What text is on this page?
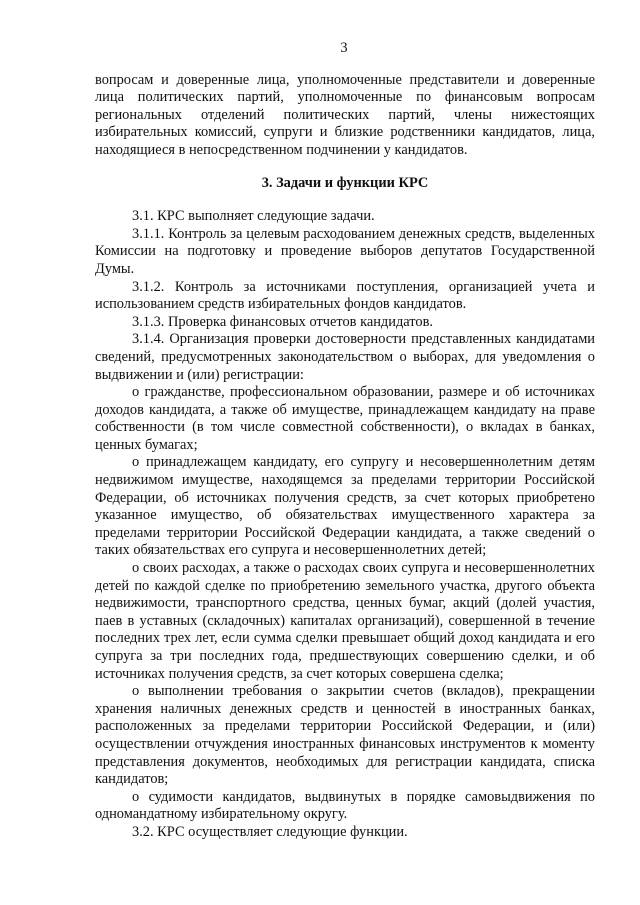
3

вопросам и доверенные лица, уполномоченные представители и доверенные лица политических партий, уполномоченные по финансовым вопросам региональных отделений политических партий, члены нижестоящих избирательных комиссий, супруги и близкие родственники кандидатов, лица, находящиеся в непосредственном подчинении у кандидатов.

3. Задачи и функции КРС

3.1. КРС выполняет следующие задачи.

3.1.1. Контроль за целевым расходованием денежных средств, выделенных Комиссии на подготовку и проведение выборов депутатов Государственной Думы.

3.1.2. Контроль за источниками поступления, организацией учета и использованием средств избирательных фондов кандидатов.

3.1.3. Проверка финансовых отчетов кандидатов.

3.1.4. Организация проверки достоверности представленных кандидатами сведений, предусмотренных законодательством о выборах, для уведомления о выдвижении и (или) регистрации:

о гражданстве, профессиональном образовании, размере и об источниках доходов кандидата, а также об имуществе, принадлежащем кандидату на праве собственности (в том числе совместной собственности), о вкладах в банках, ценных бумагах;

о принадлежащем кандидату, его супругу и несовершеннолетним детям недвижимом имуществе, находящемся за пределами территории Российской Федерации, об источниках получения средств, за счет которых приобретено указанное имущество, об обязательствах имущественного характера за пределами территории Российской Федерации кандидата, а также сведений о таких обязательствах его супруга и несовершеннолетних детей;

о своих расходах, а также о расходах своих супруга и несовершеннолетних детей по каждой сделке по приобретению земельного участка, другого объекта недвижимости, транспортного средства, ценных бумаг, акций (долей участия, паев в уставных (складочных) капиталах организаций), совершенной в течение последних трех лет, если сумма сделки превышает общий доход кандидата и его супруга за три последних года, предшествующих совершению сделки, и об источниках получения средств, за счет которых совершена сделка;

о выполнении требования о закрытии счетов (вкладов), прекращении хранения наличных денежных средств и ценностей в иностранных банках, расположенных за пределами территории Российской Федерации, и (или) осуществлении отчуждения иностранных финансовых инструментов к моменту представления документов, необходимых для регистрации кандидата, списка кандидатов;

о судимости кандидатов, выдвинутых в порядке самовыдвижения по одномандатному избирательному округу.

3.2. КРС осуществляет следующие функции.
